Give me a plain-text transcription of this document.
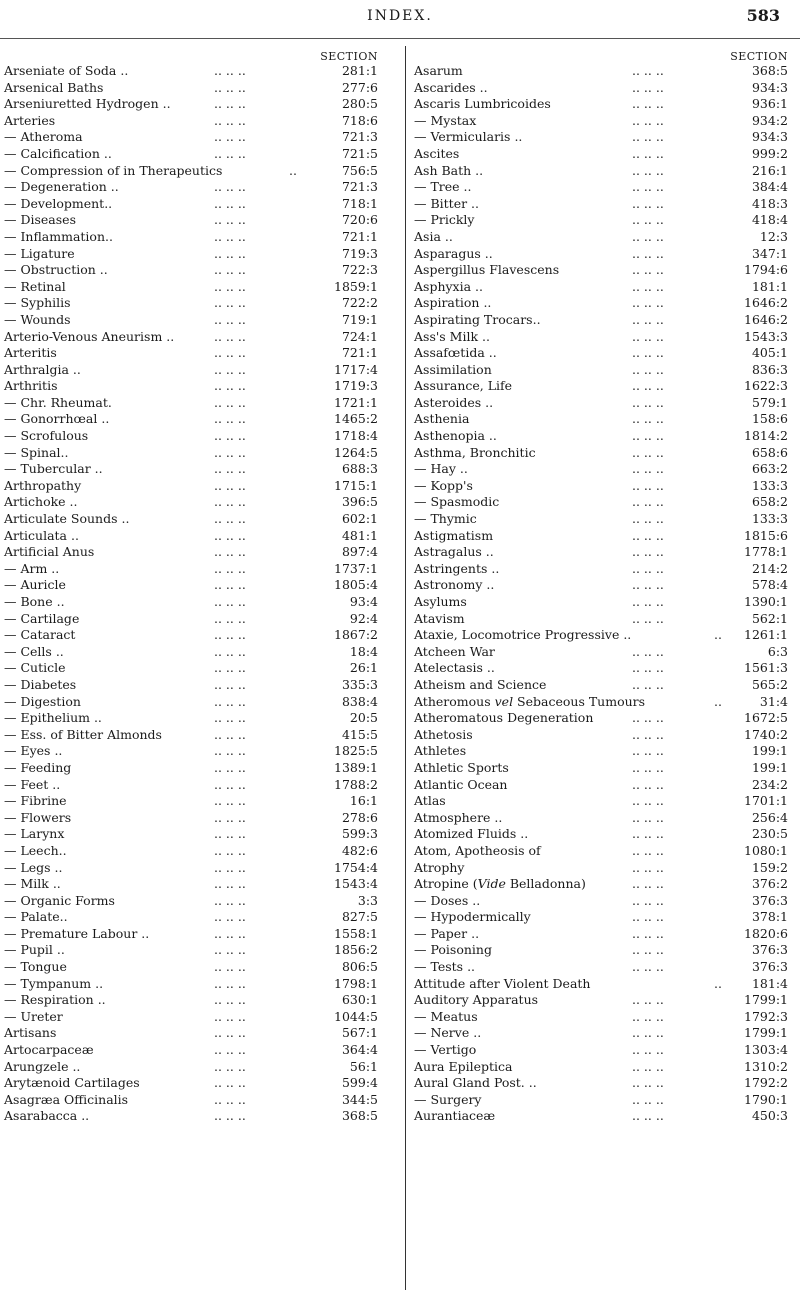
INDEX.	583
SECTION
Arseniate of Soda ..	.. .. ..	281:1
Arsenical Baths	.. .. ..	277:6
Arseniuretted Hydrogen ..	.. .. ..	280:5
Arteries	.. .. ..	718:6
— Atheroma	.. .. ..	721:3
— Calcification ..	.. .. ..	721:5
— Compression of in Therapeutics	..	756:5
— Degeneration ..	.. .. ..	721:3
— Development..	.. .. ..	718:1
— Diseases	.. .. ..	720:6
— Inflammation..	.. .. ..	721:1
— Ligature	.. .. ..	719:3
— Obstruction ..	.. .. ..	722:3
— Retinal	.. .. ..	1859:1
— Syphilis	.. .. ..	722:2
— Wounds	.. .. ..	719:1
Arterio-Venous Aneurism ..	.. .. ..	724:1
Arteritis	.. .. ..	721:1
Arthralgia ..	.. .. ..	1717:4
Arthritis	.. .. ..	1719:3
— Chr. Rheumat.	.. .. ..	1721:1
— Gonorrhœal ..	.. .. ..	1465:2
— Scrofulous	.. .. ..	1718:4
— Spinal..	.. .. ..	1264:5
— Tubercular ..	.. .. ..	688:3
Arthropathy	.. .. ..	1715:1
Artichoke ..	.. .. ..	396:5
Articulate Sounds ..	.. .. ..	602:1
Articulata ..	.. .. ..	481:1
Artificial Anus	.. .. ..	897:4
— Arm ..	.. .. ..	1737:1
— Auricle	.. .. ..	1805:4
— Bone ..	.. .. ..	93:4
— Cartilage	.. .. ..	92:4
— Cataract	.. .. ..	1867:2
— Cells ..	.. .. ..	18:4
— Cuticle	.. .. ..	26:1
— Diabetes	.. .. ..	335:3
— Digestion	.. .. ..	838:4
— Epithelium ..	.. .. ..	20:5
— Ess. of Bitter Almonds	.. .. ..	415:5
— Eyes ..	.. .. ..	1825:5
— Feeding	.. .. ..	1389:1
— Feet ..	.. .. ..	1788:2
— Fibrine	.. .. ..	16:1
— Flowers	.. .. ..	278:6
— Larynx	.. .. ..	599:3
— Leech..	.. .. ..	482:6
— Legs ..	.. .. ..	1754:4
— Milk ..	.. .. ..	1543:4
— Organic Forms	.. .. ..	3:3
— Palate..	.. .. ..	827:5
— Premature Labour ..	.. .. ..	1558:1
— Pupil ..	.. .. ..	1856:2
— Tongue	.. .. ..	806:5
— Tympanum ..	.. .. ..	1798:1
— Respiration ..	.. .. ..	630:1
— Ureter	.. .. ..	1044:5
Artisans	.. .. ..	567:1
Artocarpaceæ	.. .. ..	364:4
Arungzele ..	.. .. ..	56:1
Arytænoid Cartilages	.. .. ..	599:4
Asagræa Officinalis	.. .. ..	344:5
Asarabacca ..	.. .. ..	368:5
SECTION
Asarum	.. .. ..	368:5
Ascarides ..	.. .. ..	934:3
Ascaris Lumbricoides	.. .. ..	936:1
— Mystax	.. .. ..	934:2
— Vermicularis ..	.. .. ..	934:3
Ascites	.. .. ..	999:2
Ash Bath ..	.. .. ..	216:1
— Tree ..	.. .. ..	384:4
— Bitter ..	.. .. ..	418:3
— Prickly	.. .. ..	418:4
Asia ..	.. .. ..	12:3
Asparagus ..	.. .. ..	347:1
Aspergillus Flavescens	.. .. ..	1794:6
Asphyxia ..	.. .. ..	181:1
Aspiration ..	.. .. ..	1646:2
Aspirating Trocars..	.. .. ..	1646:2
Ass's Milk ..	.. .. ..	1543:3
Assafœtida ..	.. .. ..	405:1
Assimilation	.. .. ..	836:3
Assurance, Life	.. .. ..	1622:3
Asteroides ..	.. .. ..	579:1
Asthenia	.. .. ..	158:6
Asthenopia ..	.. .. ..	1814:2
Asthma, Bronchitic	.. .. ..	658:6
— Hay ..	.. .. ..	663:2
— Kopp's	.. .. ..	133:3
— Spasmodic	.. .. ..	658:2
— Thymic	.. .. ..	133:3
Astigmatism	.. .. ..	1815:6
Astragalus ..	.. .. ..	1778:1
Astringents ..	.. .. ..	214:2
Astronomy ..	.. .. ..	578:4
Asylums	.. .. ..	1390:1
Atavism	.. .. ..	562:1
Ataxie, Locomotrice Progressive ..	.. 1261:1
Atcheen War	.. .. ..	6:3
Atelectasis ..	.. .. ..	1561:3
Atheism and Science	.. .. ..	565:2
Atheromous vel Sebaceous Tumours	..	31:4
Atheromatous Degeneration	.. .. ..	1672:5
Athetosis	.. .. ..	1740:2
Athletes	.. .. ..	199:1
Athletic Sports	.. .. ..	199:1
Atlantic Ocean	.. .. ..	234:2
Atlas	.. .. ..	1701:1
Atmosphere ..	.. .. ..	256:4
Atomized Fluids ..	.. .. ..	230:5
Atom, Apotheosis of	.. .. ..	1080:1
Atrophy	.. .. ..	159:2
Atropine (Vide Belladonna)	.. .. ..	376:2
— Doses ..	.. .. ..	376:3
— Hypodermically	.. .. ..	378:1
— Paper ..	.. .. ..	1820:6
— Poisoning	.. .. ..	376:3
— Tests ..	.. .. ..	376:3
Attitude after Violent Death	.. 181:4
Auditory Apparatus	.. .. ..	1799:1
— Meatus	.. .. ..	1792:3
— Nerve ..	.. .. ..	1799:1
— Vertigo	.. .. ..	1303:4
Aura Epileptica	.. .. ..	1310:2
Aural Gland Post. ..	.. .. ..	1792:2
— Surgery	.. .. ..	1790:1
Aurantiaceæ	.. .. ..	450:3
